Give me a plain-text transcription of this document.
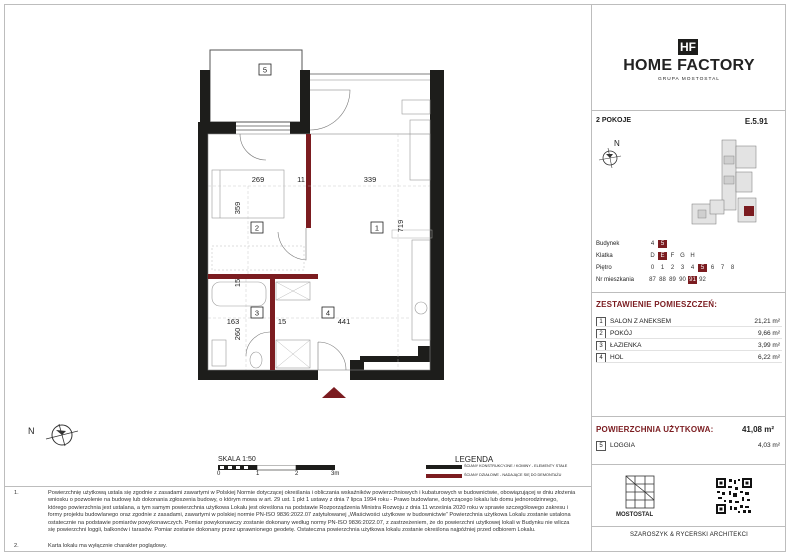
5
2	1
3	4
269	11	339
359
719
163
15
260
15	441
N
SKALA 1:50
0	1	2	3m
LEGENDA
ŚCIANY KONSTRUKCYJNE / KOMINY - ELEMENTY STAŁE
ŚCIANY DZIAŁOWE - NADAJĄCE SIĘ DO DEMONTAŻU
1.	Powierzchnię użytkową ustala się zgodnie z zasadami zawartymi w Polskiej Normie dotyczącej określania i obliczania wskaźników powierzchniowych i kubaturowych w budownictwie, obowiązującej w dniu złożenia wniosku o pozwolenie na budowę lub dokonania zgłoszenia budowy, o którym mowa w art. 29 ust. 1 pkt 1 ustawy z dnia 7 lipca 1994 roku - Prawo budowlane, dotyczącego lokalu lub domu jednorodzinnego, którego powierzchnia jest ustalana, a tym samym powierzchnia użytkowa Lokalu jest określona na podstawie Rozporządzenia Ministra Rozwoju z dnia 11 września 2020 roku w sprawie szczegółowego zakresu i formy projektu budowlanego oraz zgodnie z zasadami, zawartymi w polskiej normie PN-ISO 9836:2022.07 zatytułowanej „Właściwości użytkowe w budownictwie” Powierzchnia użytkowa Lokalu zostanie ustalona ostatecznie na podstawie pomiarów powykonawczych. Pomiar powykonawczy zostanie dokonany według normy PN-ISO 9836:2022.07, z zastrzeżeniem, że do powierzchni użytkowej lokali w Budynku nie wlicza się powierzchni loggii, balkonów i tarasów. Pomiar zostanie dokonany przez uprawnionego geodetę. Ostateczna powierzchnia użytkowa lokalu zostanie określona najpóźniej przed odbiorem Lokalu.
2.	Karta lokalu ma wyłącznie charakter poglądowy.
HF
HOME FACTORY
GRUPA MOSTOSTAL
2 POKOJE	E.5.91
N
Budynek	4	5
Klatka	D E	F G H
Piętro	0	1	2	3	4	5	6	7	8
Nr mieszkania	87 88 89 90 91 92
ZESTAWIENIE POMIESZCZEŃ:
1	SALON Z ANEKSEM	21,21 m²
2	POKÓJ	9,66 m²
3	ŁAZIENKA	3,99 m²
4	HOL	6,22 m²
POWIERZCHNIA UŻYTKOWA:	41,08 m²
5	LOGGIA	4,03 m²
MOSTOSTAL
SZAROSZYK & RYCERSKI ARCHITEKCI
